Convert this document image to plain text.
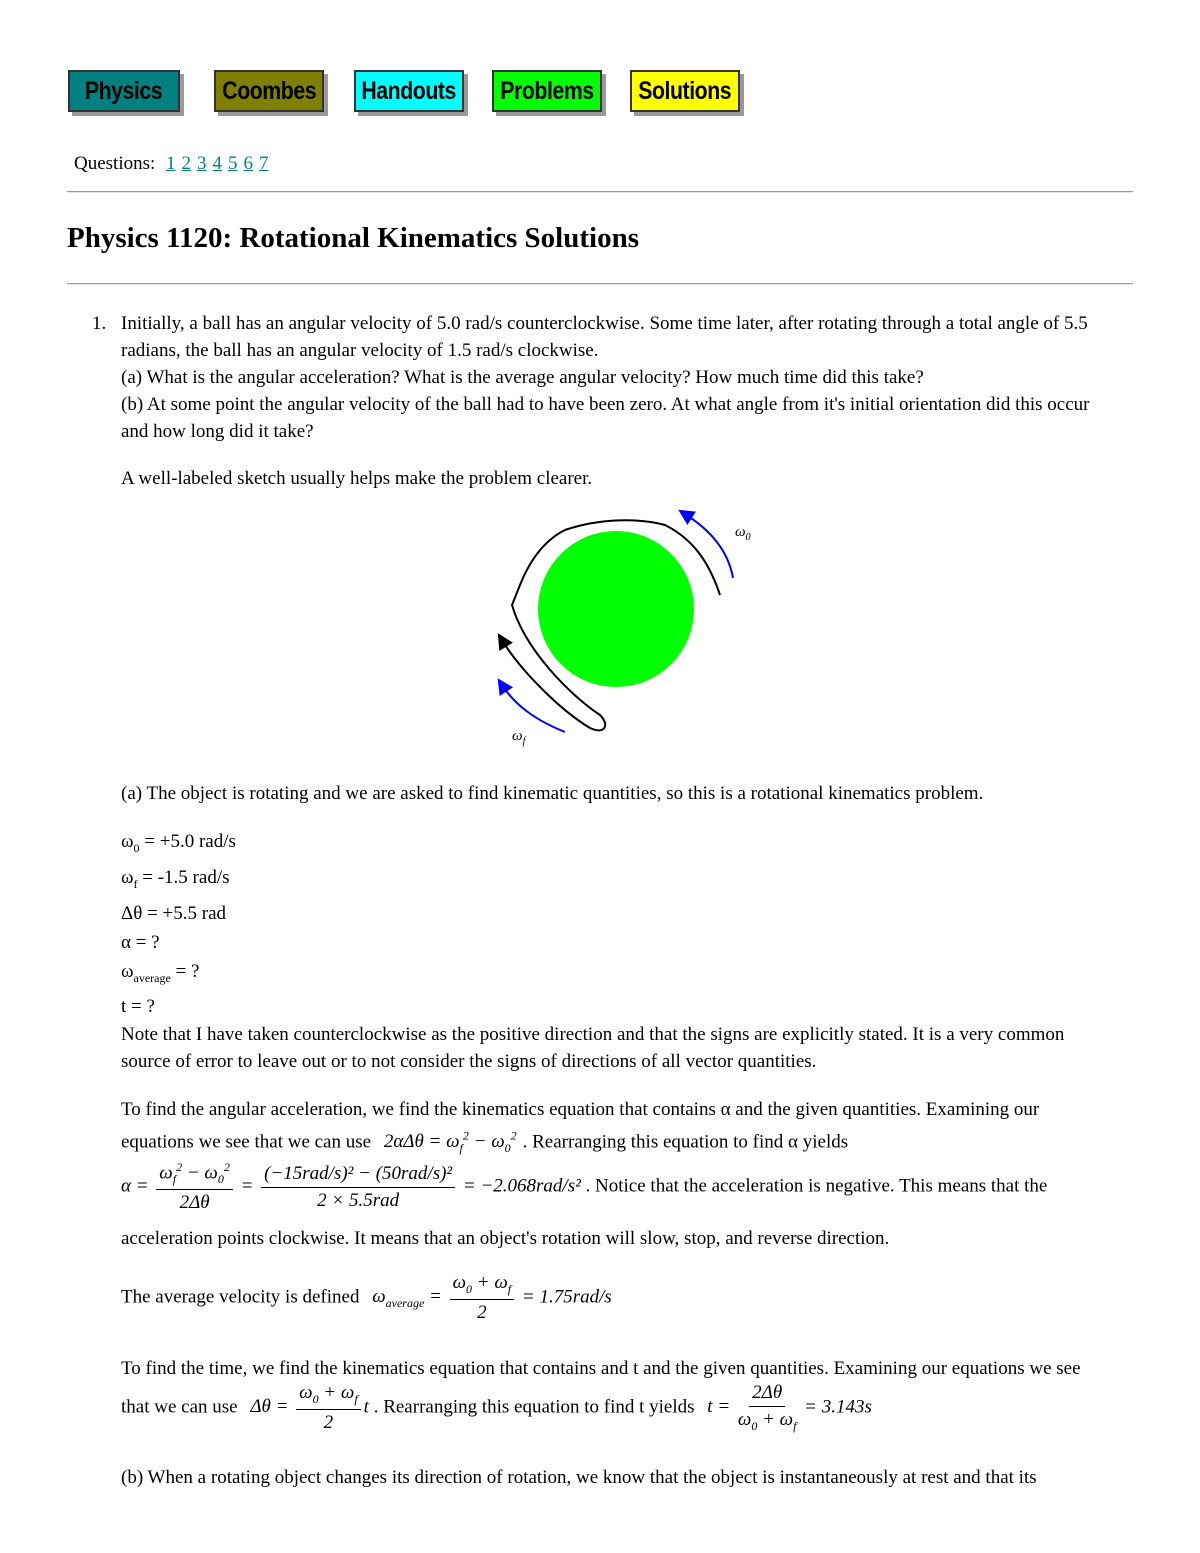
Physics Coombes Handouts Problems Solutions
Questions: 1 2 3 4 5 6 7
Physics 1120: Rotational Kinematics Solutions
1. Initially, a ball has an angular velocity of 5.0 rad/s counterclockwise. Some time later, after rotating through a total angle of 5.5
radians, the ball has an angular velocity of 1.5 rad/s clockwise.
(a) What is the angular acceleration? What is the average angular velocity? How much time did this take?
(b) At some point the angular velocity of the ball had to have been zero. At what angle from it's initial orientation did this occur
and how long did it take?
A well-labeled sketch usually helps make the problem clearer.
$\omega_0$
$\omega_f$
(a) The object is rotating and we are asked to find kinematic quantities, so this is a rotational kinematics problem.
$\omega_0 = +5.0$ rad/s
$\omega_f = -1.5$ rad/s
Δθ = +5.5 rad
α = ?
$\omega_{average}$ = ?
t = ?
Note that I have taken counterclockwise as the positive direction and that the signs are explicitly stated. It is a very common
source of error to leave out or to not consider the signs of directions of all vector quantities.
To find the angular acceleration, we find the kinematics equation that contains α and the given quantities. Examining our
equations we see that we can use $2\alpha\Delta\theta = \omega_f^2 - \omega_0^2$ . Rearranging this equation to find α yields
$\alpha = \frac{\omega_f^2 - \omega_0^2}{2\Delta\theta} = \frac{\text{(−15rad/s)² − (50rad/s)²}}{\text{2 × 5.5rad}} = -2.068rad/s^2$ . Notice that the acceleration is negative. This means that the
acceleration points clockwise. It means that an object's rotation will slow, stop, and reverse direction.
The average velocity is defined $\omega_{average} = \frac{\omega_0 + \omega_f}{2} = 1.75rad/s$
To find the time, we find the kinematics equation that contains and t and the given quantities. Examining our equations we see
that we can use $\Delta\theta = \frac{\omega_0 + \omega_f}{2}$ t . Rearranging this equation to find t yields $t = \frac{2\Delta\theta}{\omega_0 + \omega_f} = 3.143s$
(b) When a rotating object changes its direction of rotation, we know that the object is instantaneously at rest and that its
